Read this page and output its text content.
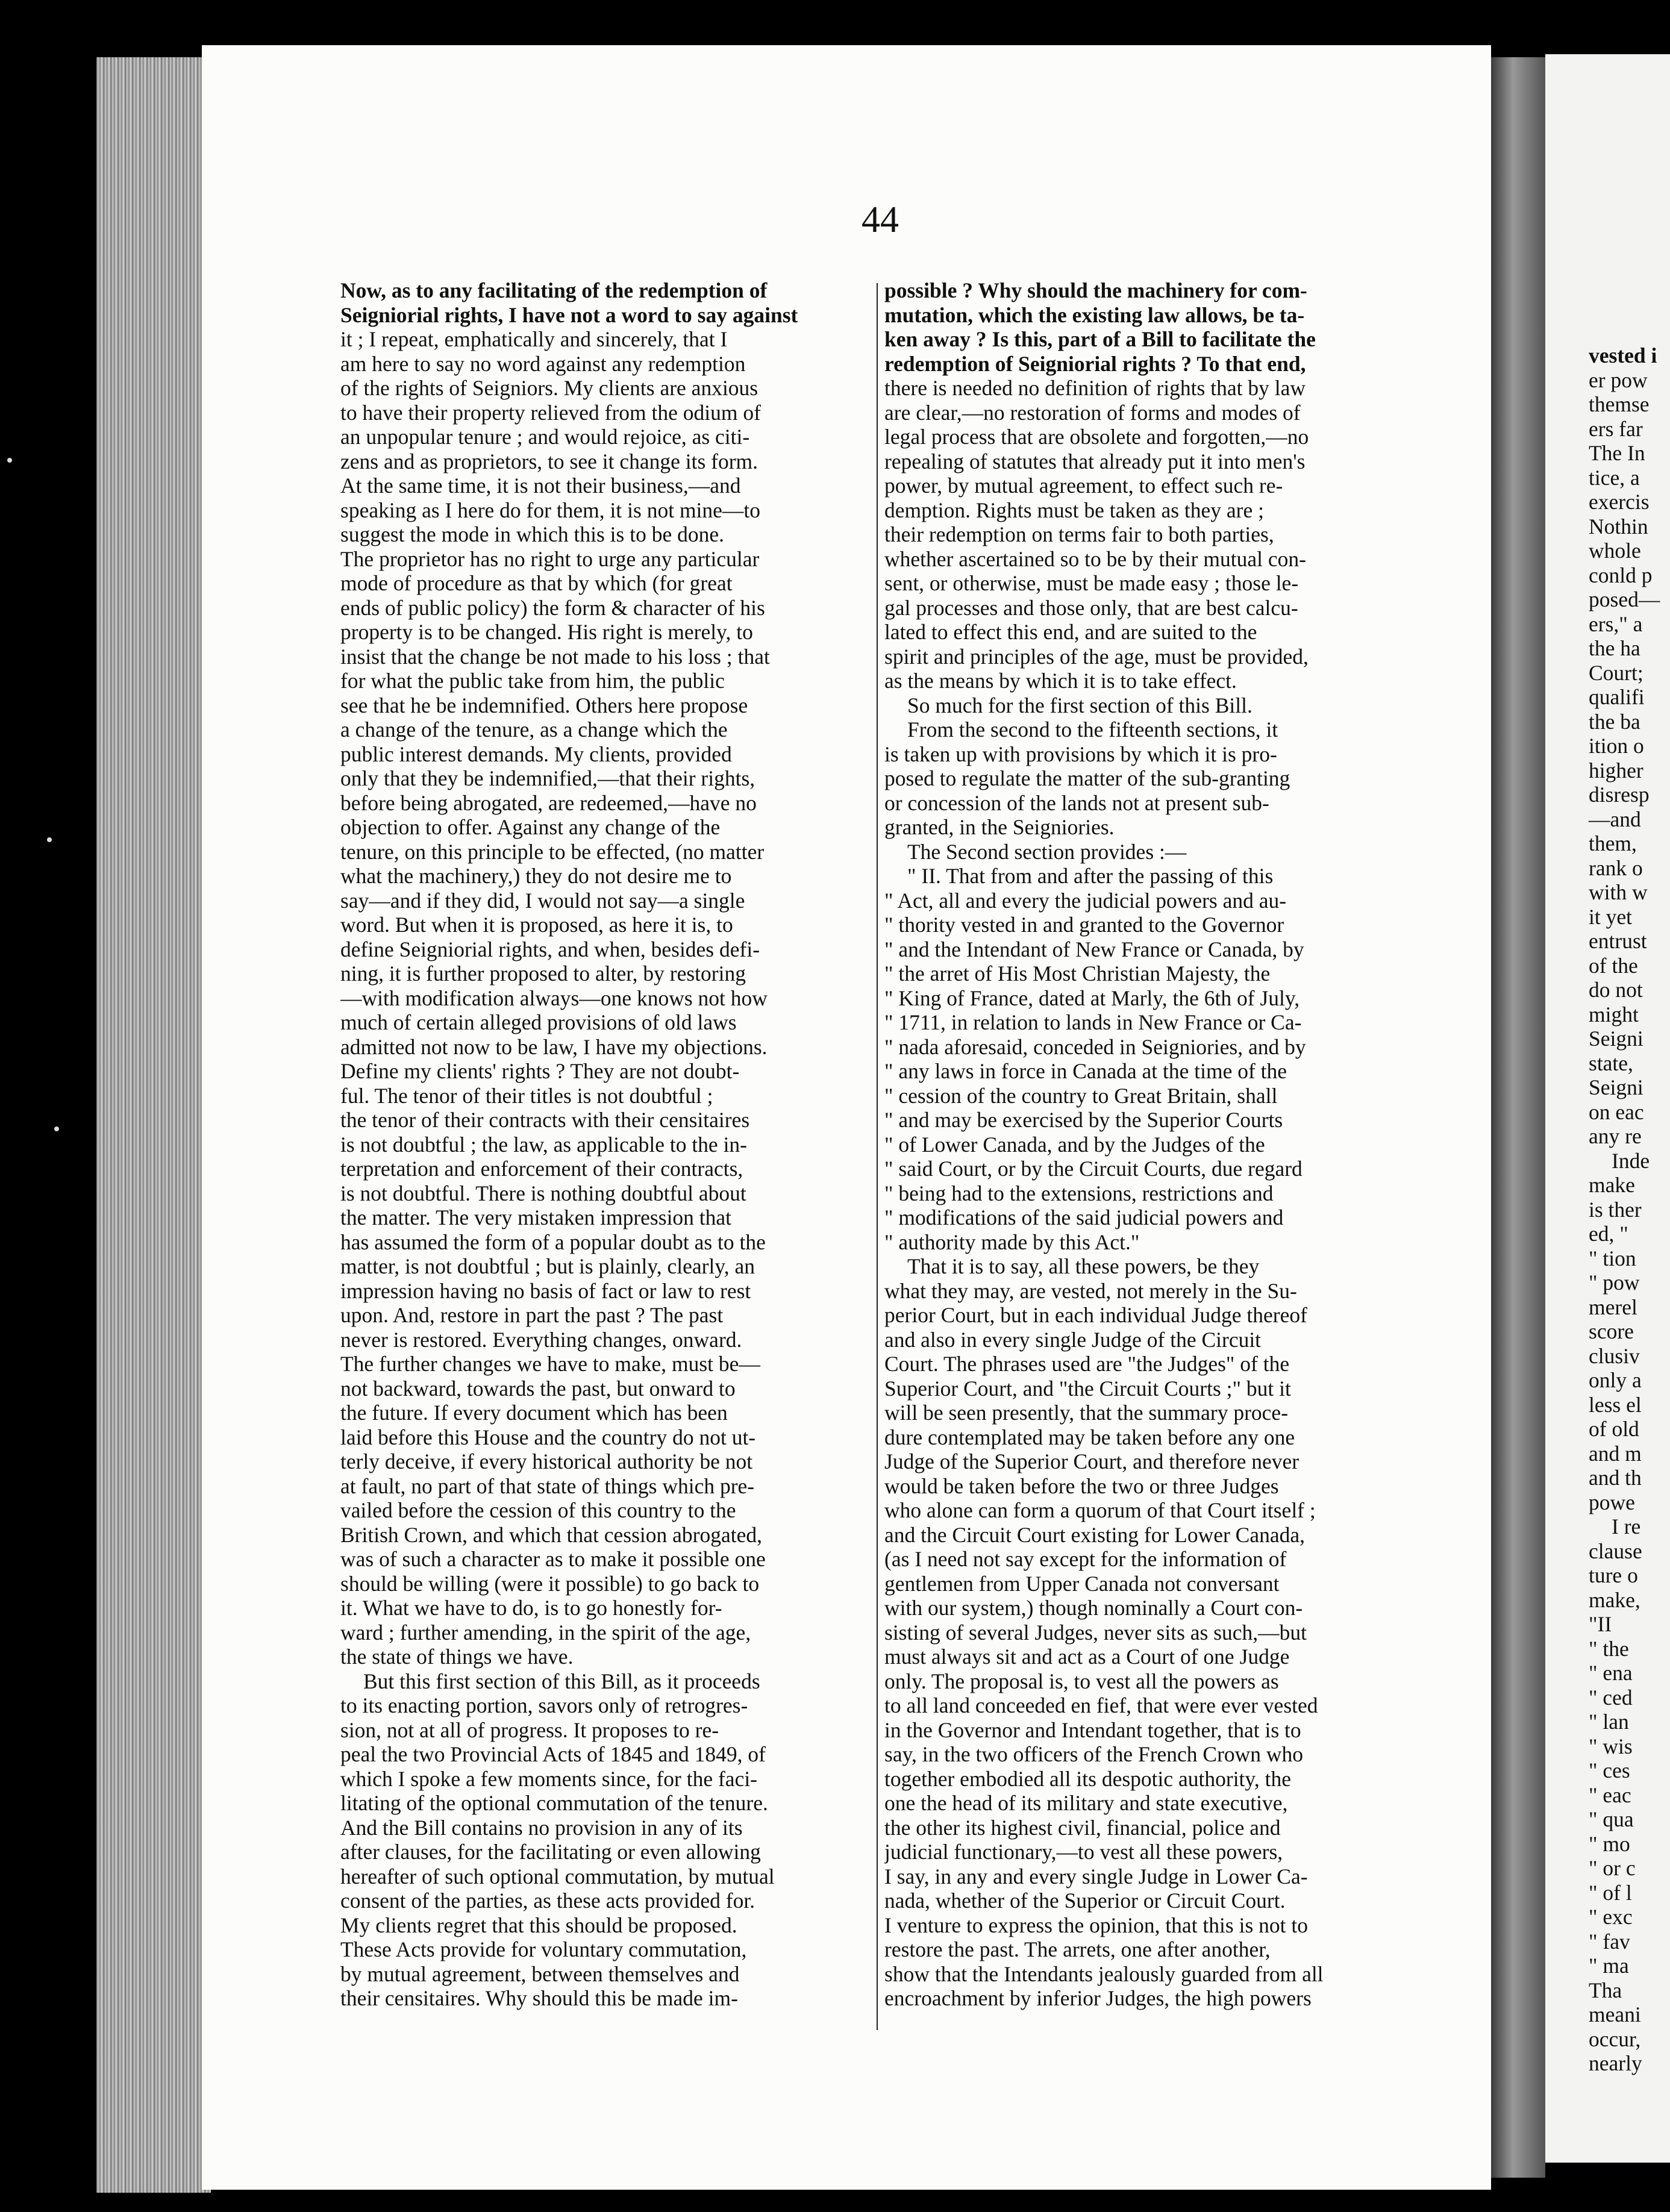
44
Now, as to any facilitating of the redemption of
Seigniorial rights, I have not a word to say against
it ; I repeat, emphatically and sincerely, that I
am here to say no word against any redemption
of the rights of Seigniors. My clients are anxious
to have their property relieved from the odium of
an unpopular tenure ; and would rejoice, as citi-
zens and as proprietors, to see it change its form.
At the same time, it is not their business,—and
speaking as I here do for them, it is not mine—to
suggest the mode in which this is to be done.
The proprietor has no right to urge any particular
mode of procedure as that by which (for great
ends of public policy) the form & character of his
property is to be changed. His right is merely, to
insist that the change be not made to his loss ; that
for what the public take from him, the public
see that he be indemnified. Others here propose
a change of the tenure, as a change which the
public interest demands. My clients, provided
only that they be indemnified,—that their rights,
before being abrogated, are redeemed,—have no
objection to offer. Against any change of the
tenure, on this principle to be effected, (no matter
what the machinery,) they do not desire me to
say—and if they did, I would not say—a single
word. But when it is proposed, as here it is, to
define Seigniorial rights, and when, besides defi-
ning, it is further proposed to alter, by restoring
—with modification always—one knows not how
much of certain alleged provisions of old laws
admitted not now to be law, I have my objections.
Define my clients' rights ? They are not doubt-
ful. The tenor of their titles is not doubtful ;
the tenor of their contracts with their censitaires
is not doubtful ; the law, as applicable to the in-
terpretation and enforcement of their contracts,
is not doubtful. There is nothing doubtful about
the matter. The very mistaken impression that
has assumed the form of a popular doubt as to the
matter, is not doubtful ; but is plainly, clearly, an
impression having no basis of fact or law to rest
upon. And, restore in part the past ? The past
never is restored. Everything changes, onward.
The further changes we have to make, must be—
not backward, towards the past, but onward to
the future. If every document which has been
laid before this House and the country do not ut-
terly deceive, if every historical authority be not
at fault, no part of that state of things which pre-
vailed before the cession of this country to the
British Crown, and which that cession abrogated,
was of such a character as to make it possible one
should be willing (were it possible) to go back to
it. What we have to do, is to go honestly for-
ward ; further amending, in the spirit of the age,
the state of things we have.
But this first section of this Bill, as it proceeds
to its enacting portion, savors only of retrogres-
sion, not at all of progress. It proposes to re-
peal the two Provincial Acts of 1845 and 1849, of
which I spoke a few moments since, for the faci-
litating of the optional commutation of the tenure.
And the Bill contains no provision in any of its
after clauses, for the facilitating or even allowing
hereafter of such optional commutation, by mutual
consent of the parties, as these acts provided for.
My clients regret that this should be proposed.
These Acts provide for voluntary commutation,
by mutual agreement, between themselves and
their censitaires. Why should this be made im-
possible ? Why should the machinery for com-
mutation, which the existing law allows, be ta-
ken away ? Is this, part of a Bill to facilitate the
redemption of Seigniorial rights ? To that end,
there is needed no definition of rights that by law
are clear,—no restoration of forms and modes of
legal process that are obsolete and forgotten,—no
repealing of statutes that already put it into men's
power, by mutual agreement, to effect such re-
demption. Rights must be taken as they are ;
their redemption on terms fair to both parties,
whether ascertained so to be by their mutual con-
sent, or otherwise, must be made easy ; those le-
gal processes and those only, that are best calcu-
lated to effect this end, and are suited to the
spirit and principles of the age, must be provided,
as the means by which it is to take effect.
So much for the first section of this Bill.
From the second to the fifteenth sections, it
is taken up with provisions by which it is pro-
posed to regulate the matter of the sub-granting
or concession of the lands not at present sub-
granted, in the Seigniories.
The Second section provides :—
" II. That from and after the passing of this
" Act, all and every the judicial powers and au-
" thority vested in and granted to the Governor
" and the Intendant of New France or Canada, by
" the arret of His Most Christian Majesty, the
" King of France, dated at Marly, the 6th of July,
" 1711, in relation to lands in New France or Ca-
" nada aforesaid, conceded in Seigniories, and by
" any laws in force in Canada at the time of the
" cession of the country to Great Britain, shall
" and may be exercised by the Superior Courts
" of Lower Canada, and by the Judges of the
" said Court, or by the Circuit Courts, due regard
" being had to the extensions, restrictions and
" modifications of the said judicial powers and
" authority made by this Act."
That it is to say, all these powers, be they
what they may, are vested, not merely in the Su-
perior Court, but in each individual Judge thereof
and also in every single Judge of the Circuit
Court. The phrases used are "the Judges" of the
Superior Court, and "the Circuit Courts ;" but it
will be seen presently, that the summary proce-
dure contemplated may be taken before any one
Judge of the Superior Court, and therefore never
would be taken before the two or three Judges
who alone can form a quorum of that Court itself ;
and the Circuit Court existing for Lower Canada,
(as I need not say except for the information of
gentlemen from Upper Canada not conversant
with our system,) though nominally a Court con-
sisting of several Judges, never sits as such,—but
must always sit and act as a Court of one Judge
only. The proposal is, to vest all the powers as
to all land conceeded en fief, that were ever vested
in the Governor and Intendant together, that is to
say, in the two officers of the French Crown who
together embodied all its despotic authority, the
one the head of its military and state executive,
the other its highest civil, financial, police and
judicial functionary,—to vest all these powers,
I say, in any and every single Judge in Lower Ca-
nada, whether of the Superior or Circuit Court.
I venture to express the opinion, that this is not to
restore the past. The arrets, one after another,
show that the Intendants jealously guarded from all
encroachment by inferior Judges, the high powers
vested i
er pow
themse
ers far
The In
tice, a
exercis
Nothin
whole
conld p
posed—
ers," a
the ha
Court;
qualifi
the ba
ition o
higher
disresp
—and
them,
rank o
with w
it yet
entrust
of the
do not
might
Seigni
state,
Seigni
on eac
any re
Inde
make
is ther
ed, "
" tion
" pow
merel
score
clusiv
only a
less el
of old
and m
and th
powe
I re
clause
ture o
make,
"II
" the
" ena
" ced
" lan
" wis
" ces
" eac
" qua
" mo
" or c
" of l
" exc
" fav
" ma
Tha
meani
occur,
nearly
